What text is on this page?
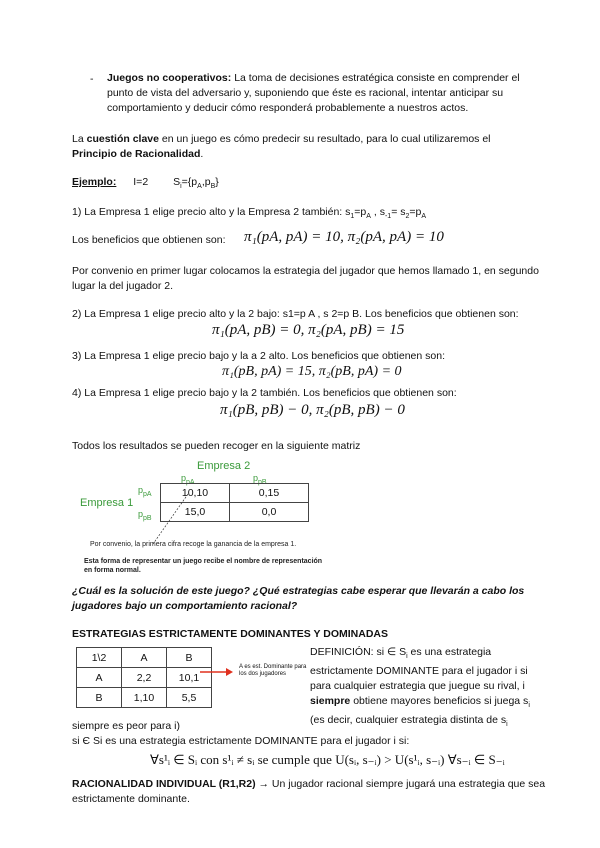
- Juegos no cooperativos: La toma de decisiones estratégica consiste en comprender el punto de vista del adversario y, suponiendo que éste es racional, intentar anticipar su comportamiento y deducir cómo responderá probablemente a nuestros actos.
La cuestión clave en un juego es cómo predecir su resultado, para lo cual utilizaremos el
Principio de Racionalidad.
Ejemplo: I=2 $S_i=\{p_A,p_B\}$
1) La Empresa 1 elige precio alto y la Empresa 2 también: $s_1=p_A$ , $s_{-1}= s_2=p_A$
Los beneficios que obtienen son: π₁(pA, pA) = 10, π₂(pA, pA) = 10
Por convenio en primer lugar colocamos la estrategia del jugador que hemos llamado 1, en segundo lugar la del jugador 2.
2) La Empresa 1 elige precio alto y la 2 bajo: s1=p A , s 2=p B. Los beneficios que obtienen son:
π₁(pA, pB) = 0, π₂(pA, pB) = 15
3) La Empresa 1 elige precio bajo y la a 2 alto. Los beneficios que obtienen son:
π₁(pB, pA) = 15, π₂(pB, pA) = 0
4) La Empresa 1 elige precio bajo y la 2 también. Los beneficios que obtienen son:
π₁(pB, pB) − 0, π₂(pB, pB) − 0
Todos los resultados se pueden recoger en la siguiente matriz
Empresa 2
$p_{pA}$	$p_{pB}$
Empresa 1
$p_{pA}$
$p_{pB}$
10,10	0,15
15,0	0,0
Por convenio, la primera cifra recoge la ganancia de la empresa 1.
Esta forma de representar un juego recibe el nombre de representación
en forma normal.
¿Cuál es la solución de este juego? ¿Qué estrategias cabe esperar que llevarán a cabo los jugadores bajo un comportamiento racional?
ESTRATEGIAS ESTRICTAMENTE DOMINANTES Y DOMINADAS
1\2	A	B
A	2,2	10,1
B	1,10	5,5
A es est. Dominante para los dos jugadores
DEFINICIÓN: si ∈ $S_i$ es una estrategia
estrictamente DOMINANTE para el jugador i si
para cualquier estrategia que juegue su rival, i
siempre obtiene mayores beneficios si juega $s_i$
(es decir, cualquier estrategia distinta de $s_i$
siempre es peor para i)
si Є Si es una estrategia estrictamente DOMINANTE para el jugador i si:
∀s¹ᵢ ∈ Sᵢ con s¹ᵢ ≠ sᵢ se cumple que U(sᵢ, s₋ᵢ) > U(s¹ᵢ, s₋ᵢ) ∀s₋ᵢ ∈ S₋ᵢ
RACIONALIDAD INDIVIDUAL (R1,R2) → Un jugador racional siempre jugará una estrategia que sea estrictamente dominante.
